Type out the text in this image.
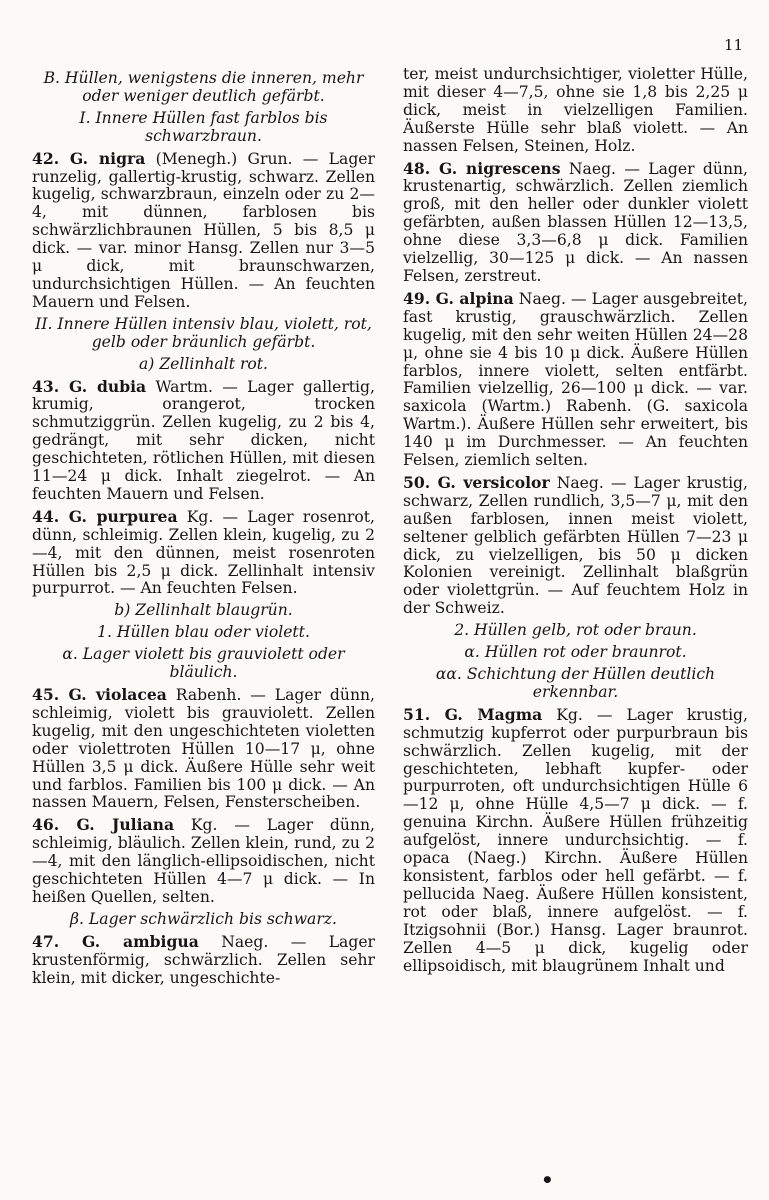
11

B. Hüllen, wenigstens die inneren, mehr oder weniger deutlich gefärbt.

I. Innere Hüllen fast farblos bis schwarzbraun.

42. G. nigra (Menegh.) Grun. — Lager runzelig, gallertig-krustig, schwarz. Zellen kugelig, schwarzbraun, einzeln oder zu 2—4, mit dünnen, farblosen bis schwärzlichbraunen Hüllen, 5 bis 8,5 μ dick. — var. minor Hansg. Zellen nur 3—5 μ dick, mit braunschwarzen, undurchsichtigen Hüllen. — An feuchten Mauern und Felsen.

II. Innere Hüllen intensiv blau, violett, rot, gelb oder bräunlich gefärbt.

a) Zellinhalt rot.

43. G. dubia Wartm. — Lager gallertig, krumig, orangerot, trocken schmutziggrün. Zellen kugelig, zu 2 bis 4, gedrängt, mit sehr dicken, nicht geschichteten, rötlichen Hüllen, mit diesen 11—24 μ dick. Inhalt ziegelrot. — An feuchten Mauern und Felsen.

44. G. purpurea Kg. — Lager rosenrot, dünn, schleimig. Zellen klein, kugelig, zu 2—4, mit den dünnen, meist rosenroten Hüllen bis 2,5 μ dick. Zellinhalt intensiv purpurrot. — An feuchten Felsen.

b) Zellinhalt blaugrün.

1. Hüllen blau oder violett.

α. Lager violett bis grauviolett oder bläulich.

45. G. violacea Rabenh. — Lager dünn, schleimig, violett bis grauviolett. Zellen kugelig, mit den ungeschichteten violetten oder violettroten Hüllen 10—17 μ, ohne Hüllen 3,5 μ dick. Äußere Hülle sehr weit und farblos. Familien bis 100 μ dick. — An nassen Mauern, Felsen, Fensterscheiben.

46. G. Juliana Kg. — Lager dünn, schleimig, bläulich. Zellen klein, rund, zu 2—4, mit den länglich-ellipsoidischen, nicht geschichteten Hüllen 4—7 μ dick. — In heißen Quellen, selten.

β. Lager schwärzlich bis schwarz.

47. G. ambigua Naeg. — Lager krustenförmig, schwärzlich. Zellen sehr klein, mit dicker, ungeschichte-

ter, meist undurchsichtiger, violetter Hülle, mit dieser 4—7,5, ohne sie 1,8 bis 2,25 μ dick, meist in vielzelligen Familien. Äußerste Hülle sehr blaß violett. — An nassen Felsen, Steinen, Holz.

48. G. nigrescens Naeg. — Lager dünn, krustenartig, schwärzlich. Zellen ziemlich groß, mit den heller oder dunkler violett gefärbten, außen blassen Hüllen 12—13,5, ohne diese 3,3—6,8 μ dick. Familien vielzellig, 30—125 μ dick. — An nassen Felsen, zerstreut.

49. G. alpina Naeg. — Lager ausgebreitet, fast krustig, grauschwärzlich. Zellen kugelig, mit den sehr weiten Hüllen 24—28 μ, ohne sie 4 bis 10 μ dick. Äußere Hüllen farblos, innere violett, selten entfärbt. Familien vielzellig, 26—100 μ dick. — var. saxicola (Wartm.) Rabenh. (G. saxicola Wartm.). Äußere Hüllen sehr erweitert, bis 140 μ im Durchmesser. — An feuchten Felsen, ziemlich selten.

50. G. versicolor Naeg. — Lager krustig, schwarz, Zellen rundlich, 3,5—7 μ, mit den außen farblosen, innen meist violett, seltener gelblich gefärbten Hüllen 7—23 μ dick, zu vielzelligen, bis 50 μ dicken Kolonien vereinigt. Zellinhalt blaßgrün oder violettgrün. — Auf feuchtem Holz in der Schweiz.

2. Hüllen gelb, rot oder braun.

α. Hüllen rot oder braunrot.

αα. Schichtung der Hüllen deutlich erkennbar.

51. G. Magma Kg. — Lager krustig, schmutzig kupferrot oder purpurbraun bis schwärzlich. Zellen kugelig, mit der geschichteten, lebhaft kupfer- oder purpurroten, oft undurchsichtigen Hülle 6—12 μ, ohne Hülle 4,5—7 μ dick. — f. genuina Kirchn. Äußere Hüllen frühzeitig aufgelöst, innere undurchsichtig. — f. opaca (Naeg.) Kirchn. Äußere Hüllen konsistent, farblos oder hell gefärbt. — f. pellucida Naeg. Äußere Hüllen konsistent, rot oder blaß, innere aufgelöst. — f. Itzigsohnii (Bor.) Hansg. Lager braunrot. Zellen 4—5 μ dick, kugelig oder ellipsoidisch, mit blaugrünem Inhalt und

•
